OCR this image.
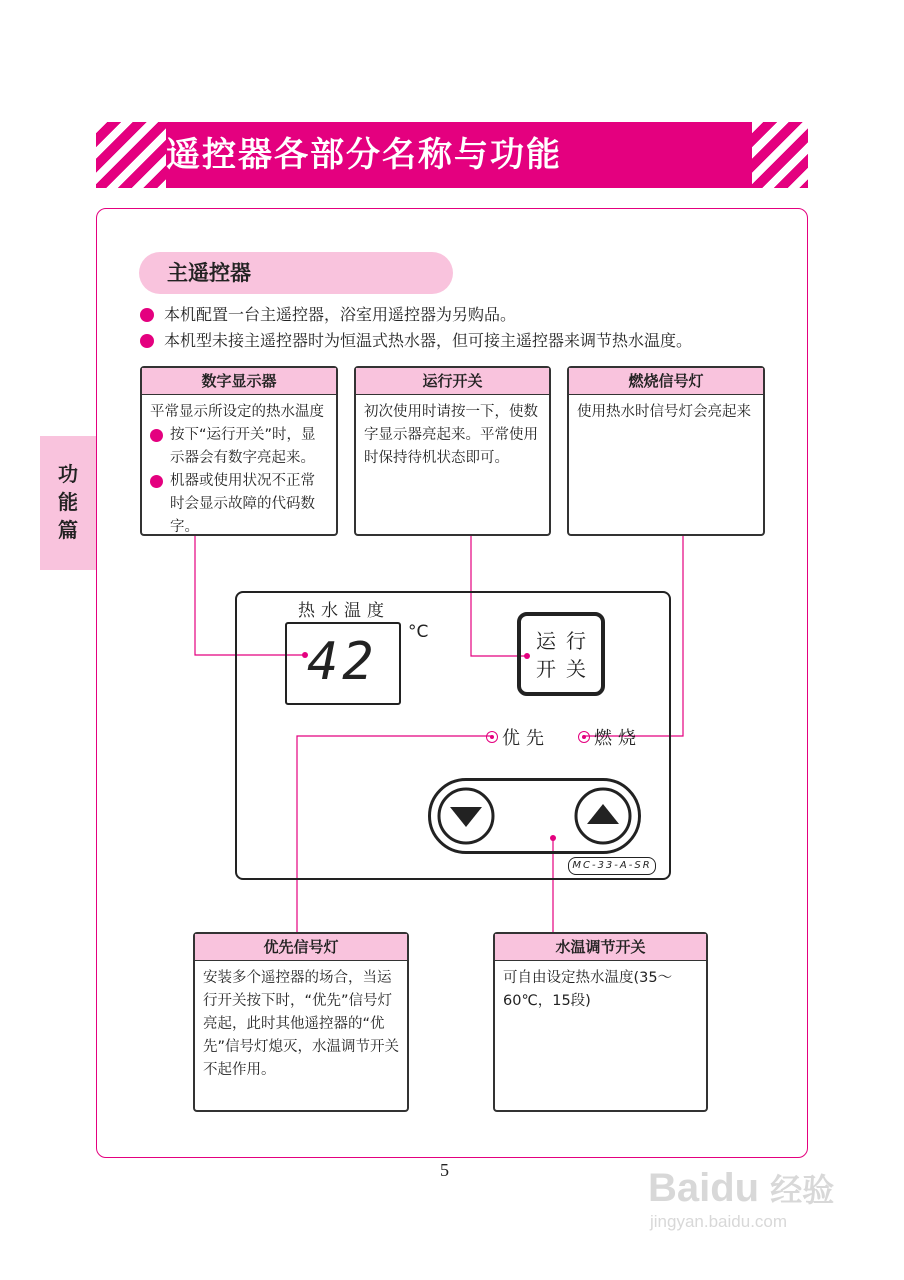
遥控器各部分名称与功能
功
能
篇
主遥控器
本机配置一台主遥控器，浴室用遥控器为另购品。
本机型未接主遥控器时为恒温式热水器，但可接主遥控器来调节热水温度。
数字显示器
平常显示所设定的热水温度
按下“运行开关”时，显示器会有数字亮起来。
机器或使用状况不正常时会显示故障的代码数字。
运行开关
初次使用时请按一下，使数字显示器亮起来。平常使用时保持待机状态即可。
燃烧信号灯
使用热水时信号灯会亮起来
热水温度
42 °C	运行
开关
优先	燃烧
MC-33-A-SR
优先信号灯
安装多个遥控器的场合，当运行开关按下时，“优先”信号灯亮起，此时其他遥控器的“优先”信号灯熄灭，水温调节开关不起作用。
水温调节开关
可自由设定热水温度(35～60℃，15段)
5	Baidu 经验
jingyan.baidu.com
